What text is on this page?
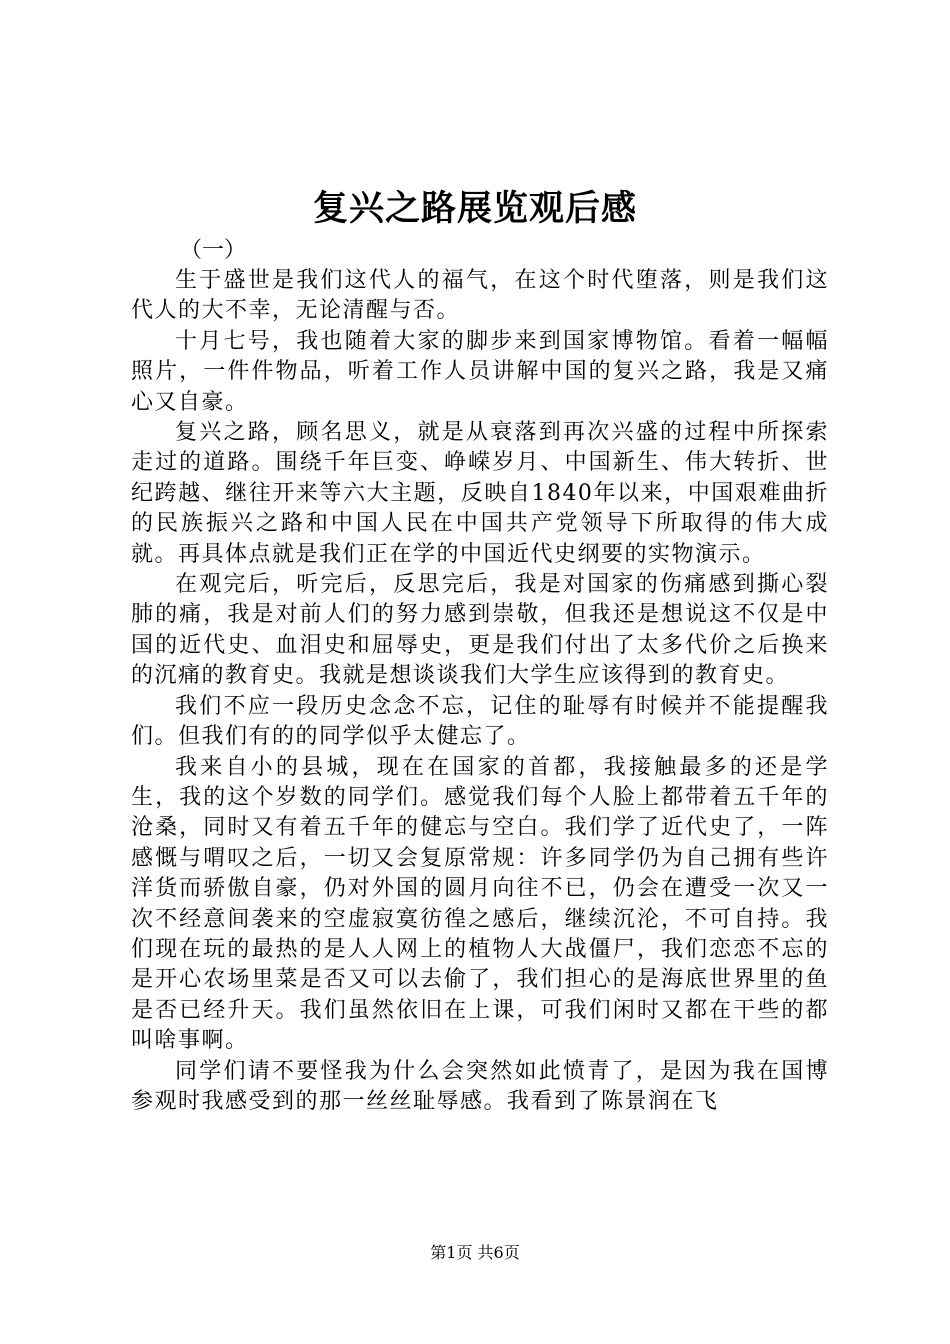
复兴之路展览观后感
（一）

生于盛世是我们这代人的福气，在这个时代堕落，则是我们这代人的大不幸，无论清醒与否。

十月七号，我也随着大家的脚步来到国家博物馆。看着一幅幅照片，一件件物品，听着工作人员讲解中国的复兴之路，我是又痛心又自豪。

复兴之路，顾名思义，就是从衰落到再次兴盛的过程中所探索走过的道路。围绕千年巨变、峥嵘岁月、中国新生、伟大转折、世纪跨越、继往开来等六大主题，反映自1840年以来，中国艰难曲折的民族振兴之路和中国人民在中国共产党领导下所取得的伟大成就。再具体点就是我们正在学的中国近代史纲要的实物演示。

在观完后，听完后，反思完后，我是对国家的伤痛感到撕心裂肺的痛，我是对前人们的努力感到崇敬，但我还是想说这不仅是中国的近代史、血泪史和屈辱史，更是我们付出了太多代价之后换来的沉痛的教育史。我就是想谈谈我们大学生应该得到的教育史。

我们不应一段历史念念不忘，记住的耻辱有时候并不能提醒我们。但我们有的的同学似乎太健忘了。

我来自小的县城，现在在国家的首都，我接触最多的还是学生，我的这个岁数的同学们。感觉我们每个人脸上都带着五千年的沧桑，同时又有着五千年的健忘与空白。我们学了近代史了，一阵感慨与喟叹之后，一切又会复原常规：许多同学仍为自己拥有些许洋货而骄傲自豪，仍对外国的圆月向往不已，仍会在遭受一次又一次不经意间袭来的空虚寂寞彷徨之感后，继续沉沦，不可自持。我们现在玩的最热的是人人网上的植物人大战僵尸，我们恋恋不忘的是开心农场里菜是否又可以去偷了，我们担心的是海底世界里的鱼是否已经升天。我们虽然依旧在上课，可我们闲时又都在干些的都叫啥事啊。

同学们请不要怪我为什么会突然如此愤青了，是因为我在国博参观时我感受到的那一丝丝耻辱感。我看到了陈景润在飞

第1页 共6页
